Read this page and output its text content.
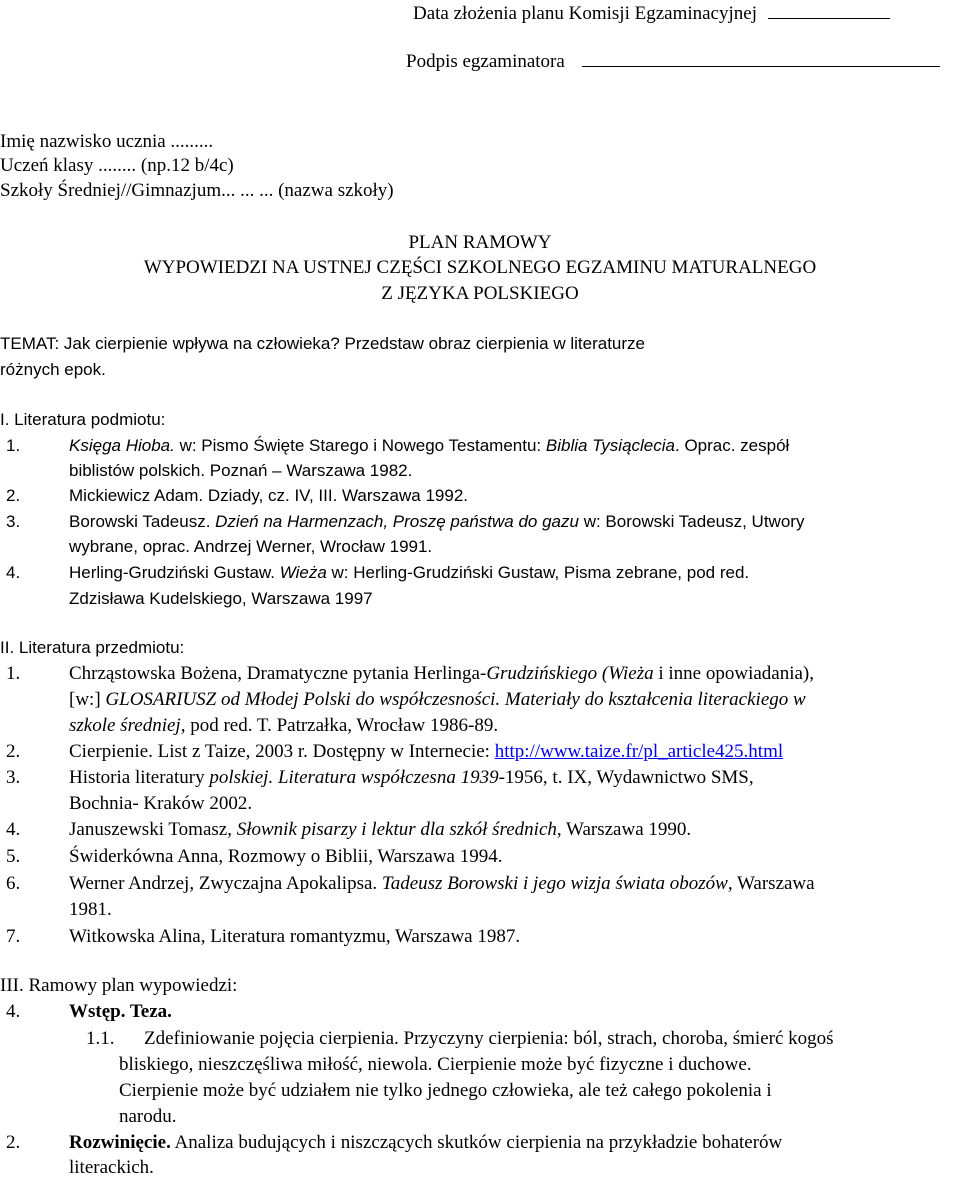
Data złożenia planu Komisji Egzaminacyjnej
Podpis egzaminatora
Imię nazwisko ucznia .........
Uczeń klasy ........ (np.12 b/4c)
Szkoły Średniej//Gimnazjum... ... ... (nazwa szkoły)
PLAN RAMOWY
WYPOWIEDZI NA USTNEJ CZĘŚCI SZKOLNEGO EGZAMINU MATURALNEGO
Z JĘZYKA POLSKIEGO
TEMAT: Jak cierpienie wpływa na człowieka? Przedstaw obraz cierpienia w literaturze
różnych epok.
I. Literatura podmiotu:
1.	Księga Hioba. w: Pismo Święte Starego i Nowego Testamentu: Biblia Tysiąclecia. Oprac. zespół
biblistów polskich. Poznań – Warszawa 1982.
2.	Mickiewicz Adam. Dziady, cz. IV, III. Warszawa 1992.
3.	Borowski Tadeusz. Dzień na Harmenzach, Proszę państwa do gazu w: Borowski Tadeusz, Utwory
wybrane, oprac. Andrzej Werner, Wrocław 1991.
4.	Herling-Grudziński Gustaw. Wieża w: Herling-Grudziński Gustaw, Pisma zebrane, pod red.
Zdzisława Kudelskiego, Warszawa 1997
II. Literatura przedmiotu:
1.	Chrząstowska Bożena, Dramatyczne pytania Herlinga-Grudzińskiego (Wieża i inne opowiadania),
[w:] GLOSARIUSZ od Młodej Polski do współczesności. Materiały do kształcenia literackiego w
szkole średniej, pod red. T. Patrzałka, Wrocław 1986-89.
2.	Cierpienie. List z Taize, 2003 r. Dostępny w Internecie: http://www.taize.fr/pl_article425.html
3.	Historia literatury polskiej. Literatura współczesna 1939-1956, t. IX, Wydawnictwo SMS,
Bochnia- Kraków 2002.
4.	Januszewski Tomasz, Słownik pisarzy i lektur dla szkół średnich, Warszawa 1990.
5.	Świderkówna Anna, Rozmowy o Biblii, Warszawa 1994.
6.	Werner Andrzej, Zwyczajna Apokalipsa. Tadeusz Borowski i jego wizja świata obozów, Warszawa
1981.
7.	Witkowska Alina, Literatura romantyzmu, Warszawa 1987.
III. Ramowy plan wypowiedzi:
4.	Wstęp. Teza.
1.1. Zdefiniowanie pojęcia cierpienia. Przyczyny cierpienia: ból, strach, choroba, śmierć kogoś
bliskiego, nieszczęśliwa miłość, niewola. Cierpienie może być fizyczne i duchowe.
Cierpienie może być udziałem nie tylko jednego człowieka, ale też całego pokolenia i
narodu.
2.	Rozwinięcie. Analiza budujących i niszczących skutków cierpienia na przykładzie bohaterów
literackich.
